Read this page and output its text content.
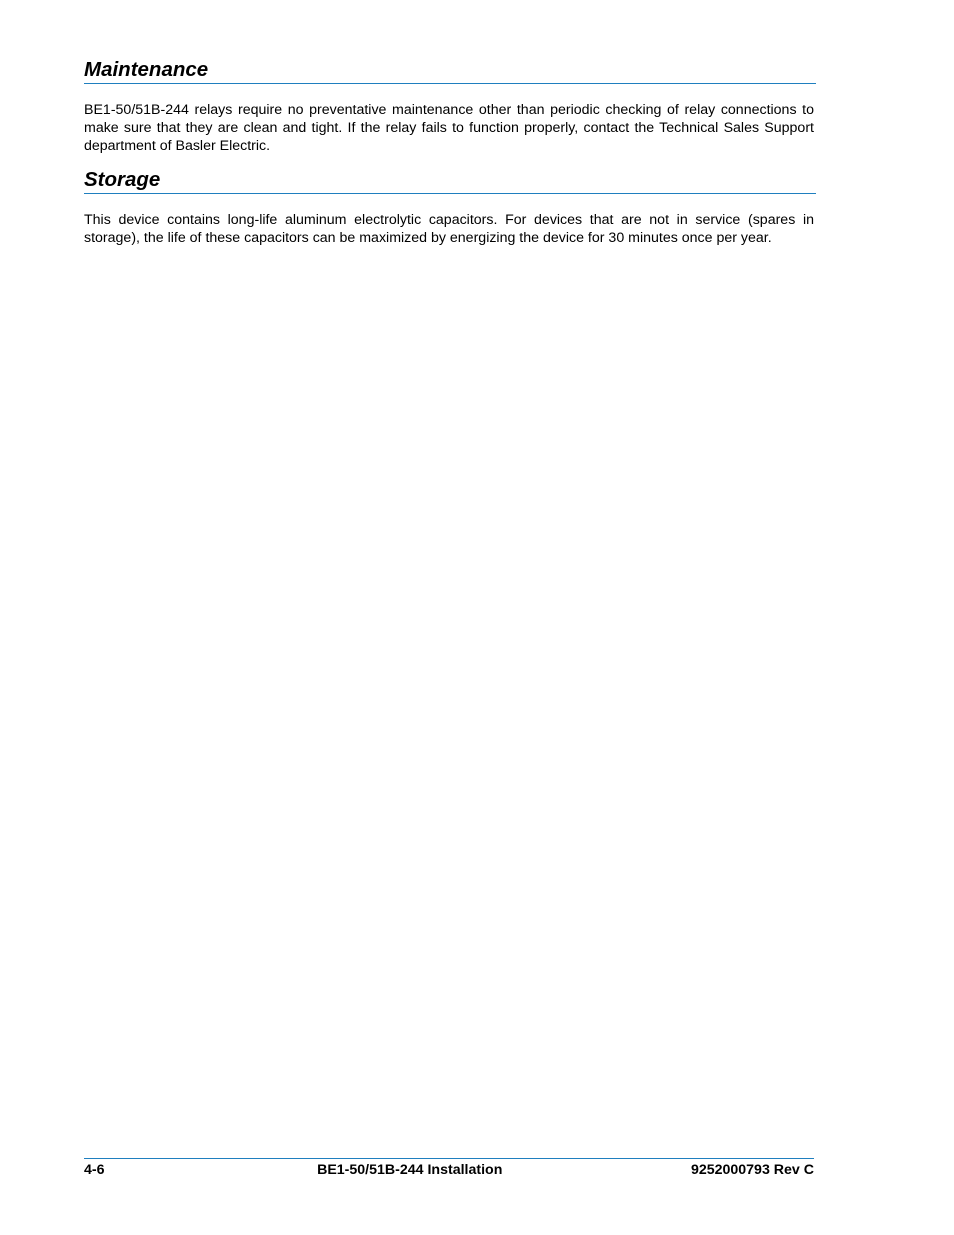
Maintenance

BE1-50/51B-244 relays require no preventative maintenance other than periodic checking of relay connections to make sure that they are clean and tight. If the relay fails to function properly, contact the Technical Sales Support department of Basler Electric.

Storage

This device contains long-life aluminum electrolytic capacitors. For devices that are not in service (spares in storage), the life of these capacitors can be maximized by energizing the device for 30 minutes once per year.

4-6	BE1-50/51B-244 Installation	9252000793 Rev C
